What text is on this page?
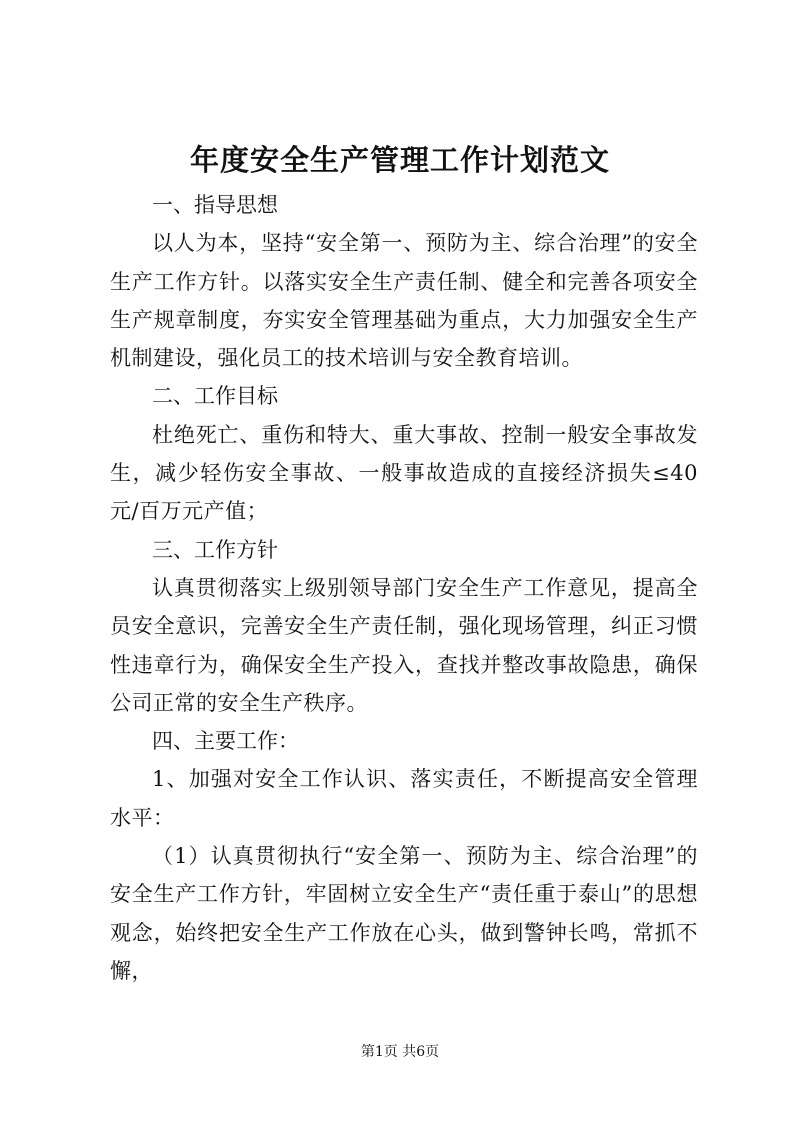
年度安全生产管理工作计划范文

一、指导思想

以人为本，坚持“安全第一、预防为主、综合治理”的安全生产工作方针。以落实安全生产责任制、健全和完善各项安全生产规章制度，夯实安全管理基础为重点，大力加强安全生产机制建设，强化员工的技术培训与安全教育培训。

二、工作目标

杜绝死亡、重伤和特大、重大事故、控制一般安全事故发生，减少轻伤安全事故、一般事故造成的直接经济损失≤40元/百万元产值；

三、工作方针

认真贯彻落实上级别领导部门安全生产工作意见，提高全员安全意识，完善安全生产责任制，强化现场管理，纠正习惯性违章行为，确保安全生产投入，查找并整改事故隐患，确保公司正常的安全生产秩序。

四、主要工作：

1、加强对安全工作认识、落实责任，不断提高安全管理水平：

（1）认真贯彻执行“安全第一、预防为主、综合治理”的安全生产工作方针，牢固树立安全生产“责任重于泰山”的思想观念，始终把安全生产工作放在心头，做到警钟长鸣，常抓不懈，

第1页 共6页
